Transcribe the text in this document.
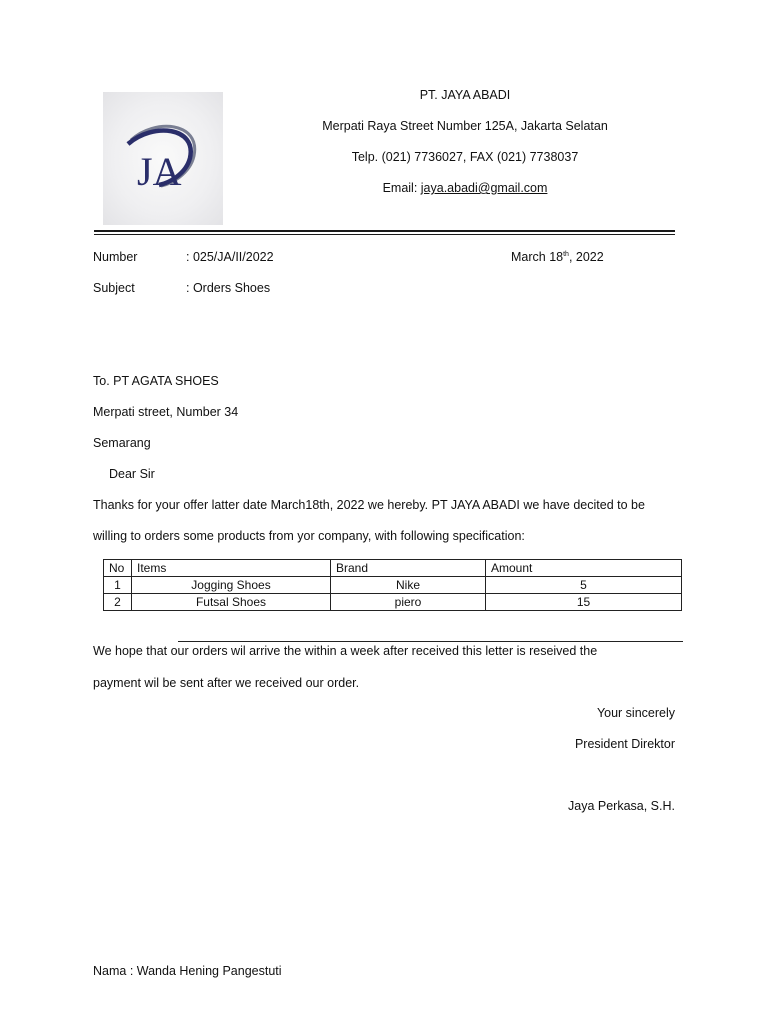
JA
PT. JAYA ABADI
Merpati Raya Street Number 125A, Jakarta Selatan
Telp. (021) 7736027, FAX (021) 7738037
Email: jaya.abadi@gmail.com
Number	: 025/JA/II/2022	March 18th, 2022
Subject	: Orders Shoes
To. PT AGATA SHOES
Merpati street, Number 34
Semarang
Dear Sir
Thanks for your offer latter date March18th, 2022 we hereby. PT JAYA ABADI we have decited to be
willing to orders some products from yor company, with following specification:
No	Items	Brand	Amount
1	Jogging Shoes	Nike	5
2	Futsal Shoes	piero	15
We hope that our orders wil arrive the within a week after received this letter is reseived the
payment wil be sent after we received our order.
Your sincerely
President Direktor
Jaya Perkasa, S.H.
Nama : Wanda Hening Pangestuti
